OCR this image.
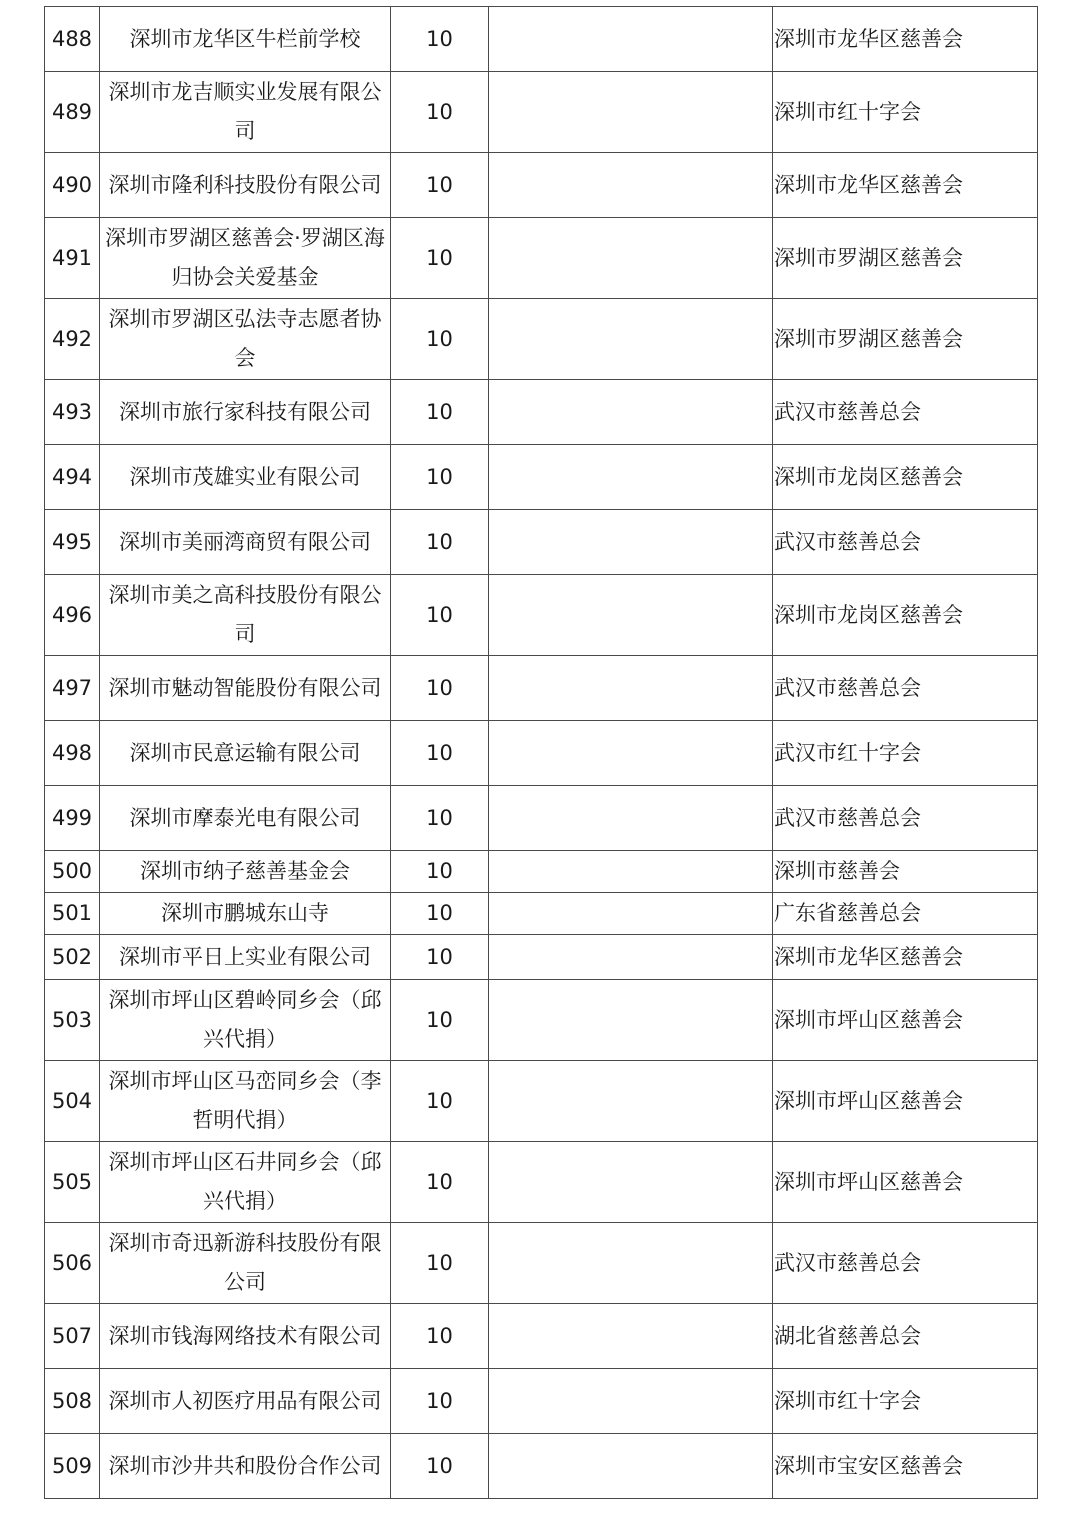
488	深圳市龙华区牛栏前学校	10		深圳市龙华区慈善会
489	深圳市龙吉顺实业发展有限公司	10		深圳市红十字会
490	深圳市隆利科技股份有限公司	10		深圳市龙华区慈善会
491	深圳市罗湖区慈善会·罗湖区海归协会关爱基金	10		深圳市罗湖区慈善会
492	深圳市罗湖区弘法寺志愿者协会	10		深圳市罗湖区慈善会
493	深圳市旅行家科技有限公司	10		武汉市慈善总会
494	深圳市茂雄实业有限公司	10		深圳市龙岗区慈善会
495	深圳市美丽湾商贸有限公司	10		武汉市慈善总会
496	深圳市美之高科技股份有限公司	10		深圳市龙岗区慈善会
497	深圳市魅动智能股份有限公司	10		武汉市慈善总会
498	深圳市民意运输有限公司	10		武汉市红十字会
499	深圳市摩泰光电有限公司	10		武汉市慈善总会
500	深圳市纳子慈善基金会	10		深圳市慈善会
501	深圳市鹏城东山寺	10		广东省慈善总会
502	深圳市平日上实业有限公司	10		深圳市龙华区慈善会
503	深圳市坪山区碧岭同乡会（邱兴代捐）	10		深圳市坪山区慈善会
504	深圳市坪山区马峦同乡会（李哲明代捐）	10		深圳市坪山区慈善会
505	深圳市坪山区石井同乡会（邱兴代捐）	10		深圳市坪山区慈善会
506	深圳市奇迅新游科技股份有限公司	10		武汉市慈善总会
507	深圳市钱海网络技术有限公司	10		湖北省慈善总会
508	深圳市人初医疗用品有限公司	10		深圳市红十字会
509	深圳市沙井共和股份合作公司	10		深圳市宝安区慈善会
